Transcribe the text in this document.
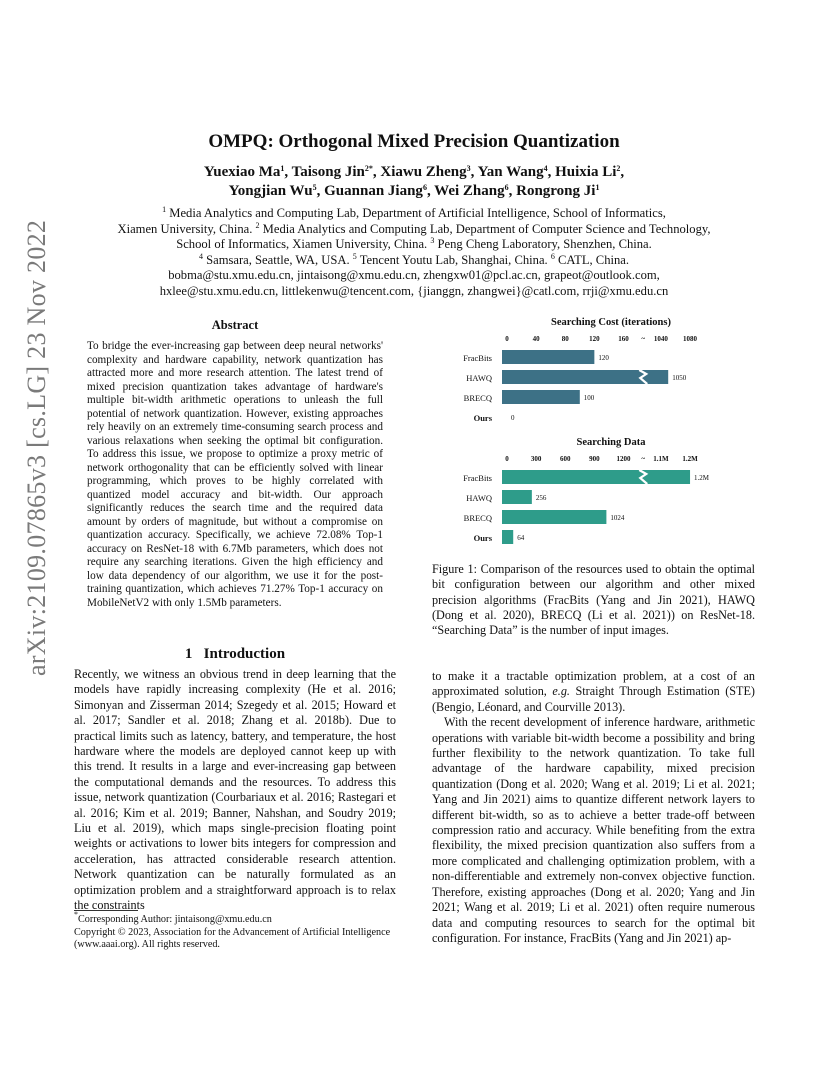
arXiv:2109.07865v3 [cs.LG] 23 Nov 2022
OMPQ: Orthogonal Mixed Precision Quantization
Yuexiao Ma$^1$, Taisong Jin$^{2*}$, Xiawu Zheng$^3$, Yan Wang$^4$, Huixia Li$^2$,
Yongjian Wu$^5$, Guannan Jiang$^6$, Wei Zhang$^6$, Rongrong Ji$^1$
$^1$ Media Analytics and Computing Lab, Department of Artificial Intelligence, School of Informatics,
Xiamen University, China. $^2$ Media Analytics and Computing Lab, Department of Computer Science and Technology,
School of Informatics, Xiamen University, China. $^3$ Peng Cheng Laboratory, Shenzhen, China.
$^4$ Samsara, Seattle, WA, USA. $^5$ Tencent Youtu Lab, Shanghai, China. $^6$ CATL, China.
bobma@stu.xmu.edu.cn, jintaisong@xmu.edu.cn, zhengxw01@pcl.ac.cn, grapeot@outlook.com,
hxlee@stu.xmu.edu.cn, littlekenwu@tencent.com, {jianggn, zhangwei}@catl.com, rrji@xmu.edu.cn
Abstract
To bridge the ever-increasing gap between deep neural networks' complexity and hardware capability, network quantization has attracted more and more research attention. The latest trend of mixed precision quantization takes advantage of hardware's multiple bit-width arithmetic operations to unleash the full potential of network quantization. However, existing approaches rely heavily on an extremely time-consuming search process and various relaxations when seeking the optimal bit configuration. To address this issue, we propose to optimize a proxy metric of network orthogonality that can be efficiently solved with linear programming, which proves to be highly correlated with quantized model accuracy and bit-width. Our approach significantly reduces the search time and the required data amount by orders of magnitude, but without a compromise on quantization accuracy. Specifically, we achieve 72.08% Top-1 accuracy on ResNet-18 with 6.7Mb parameters, which does not require any searching iterations. Given the high efficiency and low data dependency of our algorithm, we use it for the post-training quantization, which achieves 71.27% Top-1 accuracy on MobileNetV2 with only 1.5Mb parameters.
Searching Cost (iterations)
0	40	80	120	160 ~ 1040 1080
FracBits	120
HAWQ	1050
BRECQ	100
Ours	0
Searching Data
0	300	600	900 1200 ~ 1.1M 1.2M
FracBits	1.2M
HAWQ	256
BRECQ	1024
Ours	64
Figure 1: Comparison of the resources used to obtain the optimal bit configuration between our algorithm and other mixed precision algorithms (FracBits (Yang and Jin 2021), HAWQ (Dong et al. 2020), BRECQ (Li et al. 2021)) on ResNet-18. “Searching Data” is the number of input images.
1 Introduction

Recently, we witness an obvious trend in deep learning that the models have rapidly increasing complexity (He et al. 2016; Simonyan and Zisserman 2014; Szegedy et al. 2015; Howard et al. 2017; Sandler et al. 2018; Zhang et al. 2018b). Due to practical limits such as latency, battery, and temperature, the host hardware where the models are deployed cannot keep up with this trend. It results in a large and ever-increasing gap between the computational demands and the resources. To address this issue, network quantization (Courbariaux et al. 2016; Rastegari et al. 2016; Kim et al. 2019; Banner, Nahshan, and Soudry 2019; Liu et al. 2019), which maps single-precision floating point weights or activations to lower bits integers for compression and acceleration, has attracted considerable research attention. Network quantization can be naturally formulated as an optimization problem and a straightforward approach is to relax the constraints

*Corresponding Author: jintaisong@xmu.edu.cn
Copyright © 2023, Association for the Advancement of Artificial Intelligence (www.aaai.org). All rights reserved.

to make it a tractable optimization problem, at a cost of an approximated solution, e.g. Straight Through Estimation (STE) (Bengio, Léonard, and Courville 2013).

With the recent development of inference hardware, arithmetic operations with variable bit-width become a possibility and bring further flexibility to the network quantization. To take full advantage of the hardware capability, mixed precision quantization (Dong et al. 2020; Wang et al. 2019; Li et al. 2021; Yang and Jin 2021) aims to quantize different network layers to different bit-width, so as to achieve a better trade-off between compression ratio and accuracy. While benefiting from the extra flexibility, the mixed precision quantization also suffers from a more complicated and challenging optimization problem, with a non-differentiable and extremely non-convex objective function. Therefore, existing approaches (Dong et al. 2020; Yang and Jin 2021; Wang et al. 2019; Li et al. 2021) often require numerous data and computing resources to search for the optimal bit configuration. For instance, FracBits (Yang and Jin 2021) ap-
